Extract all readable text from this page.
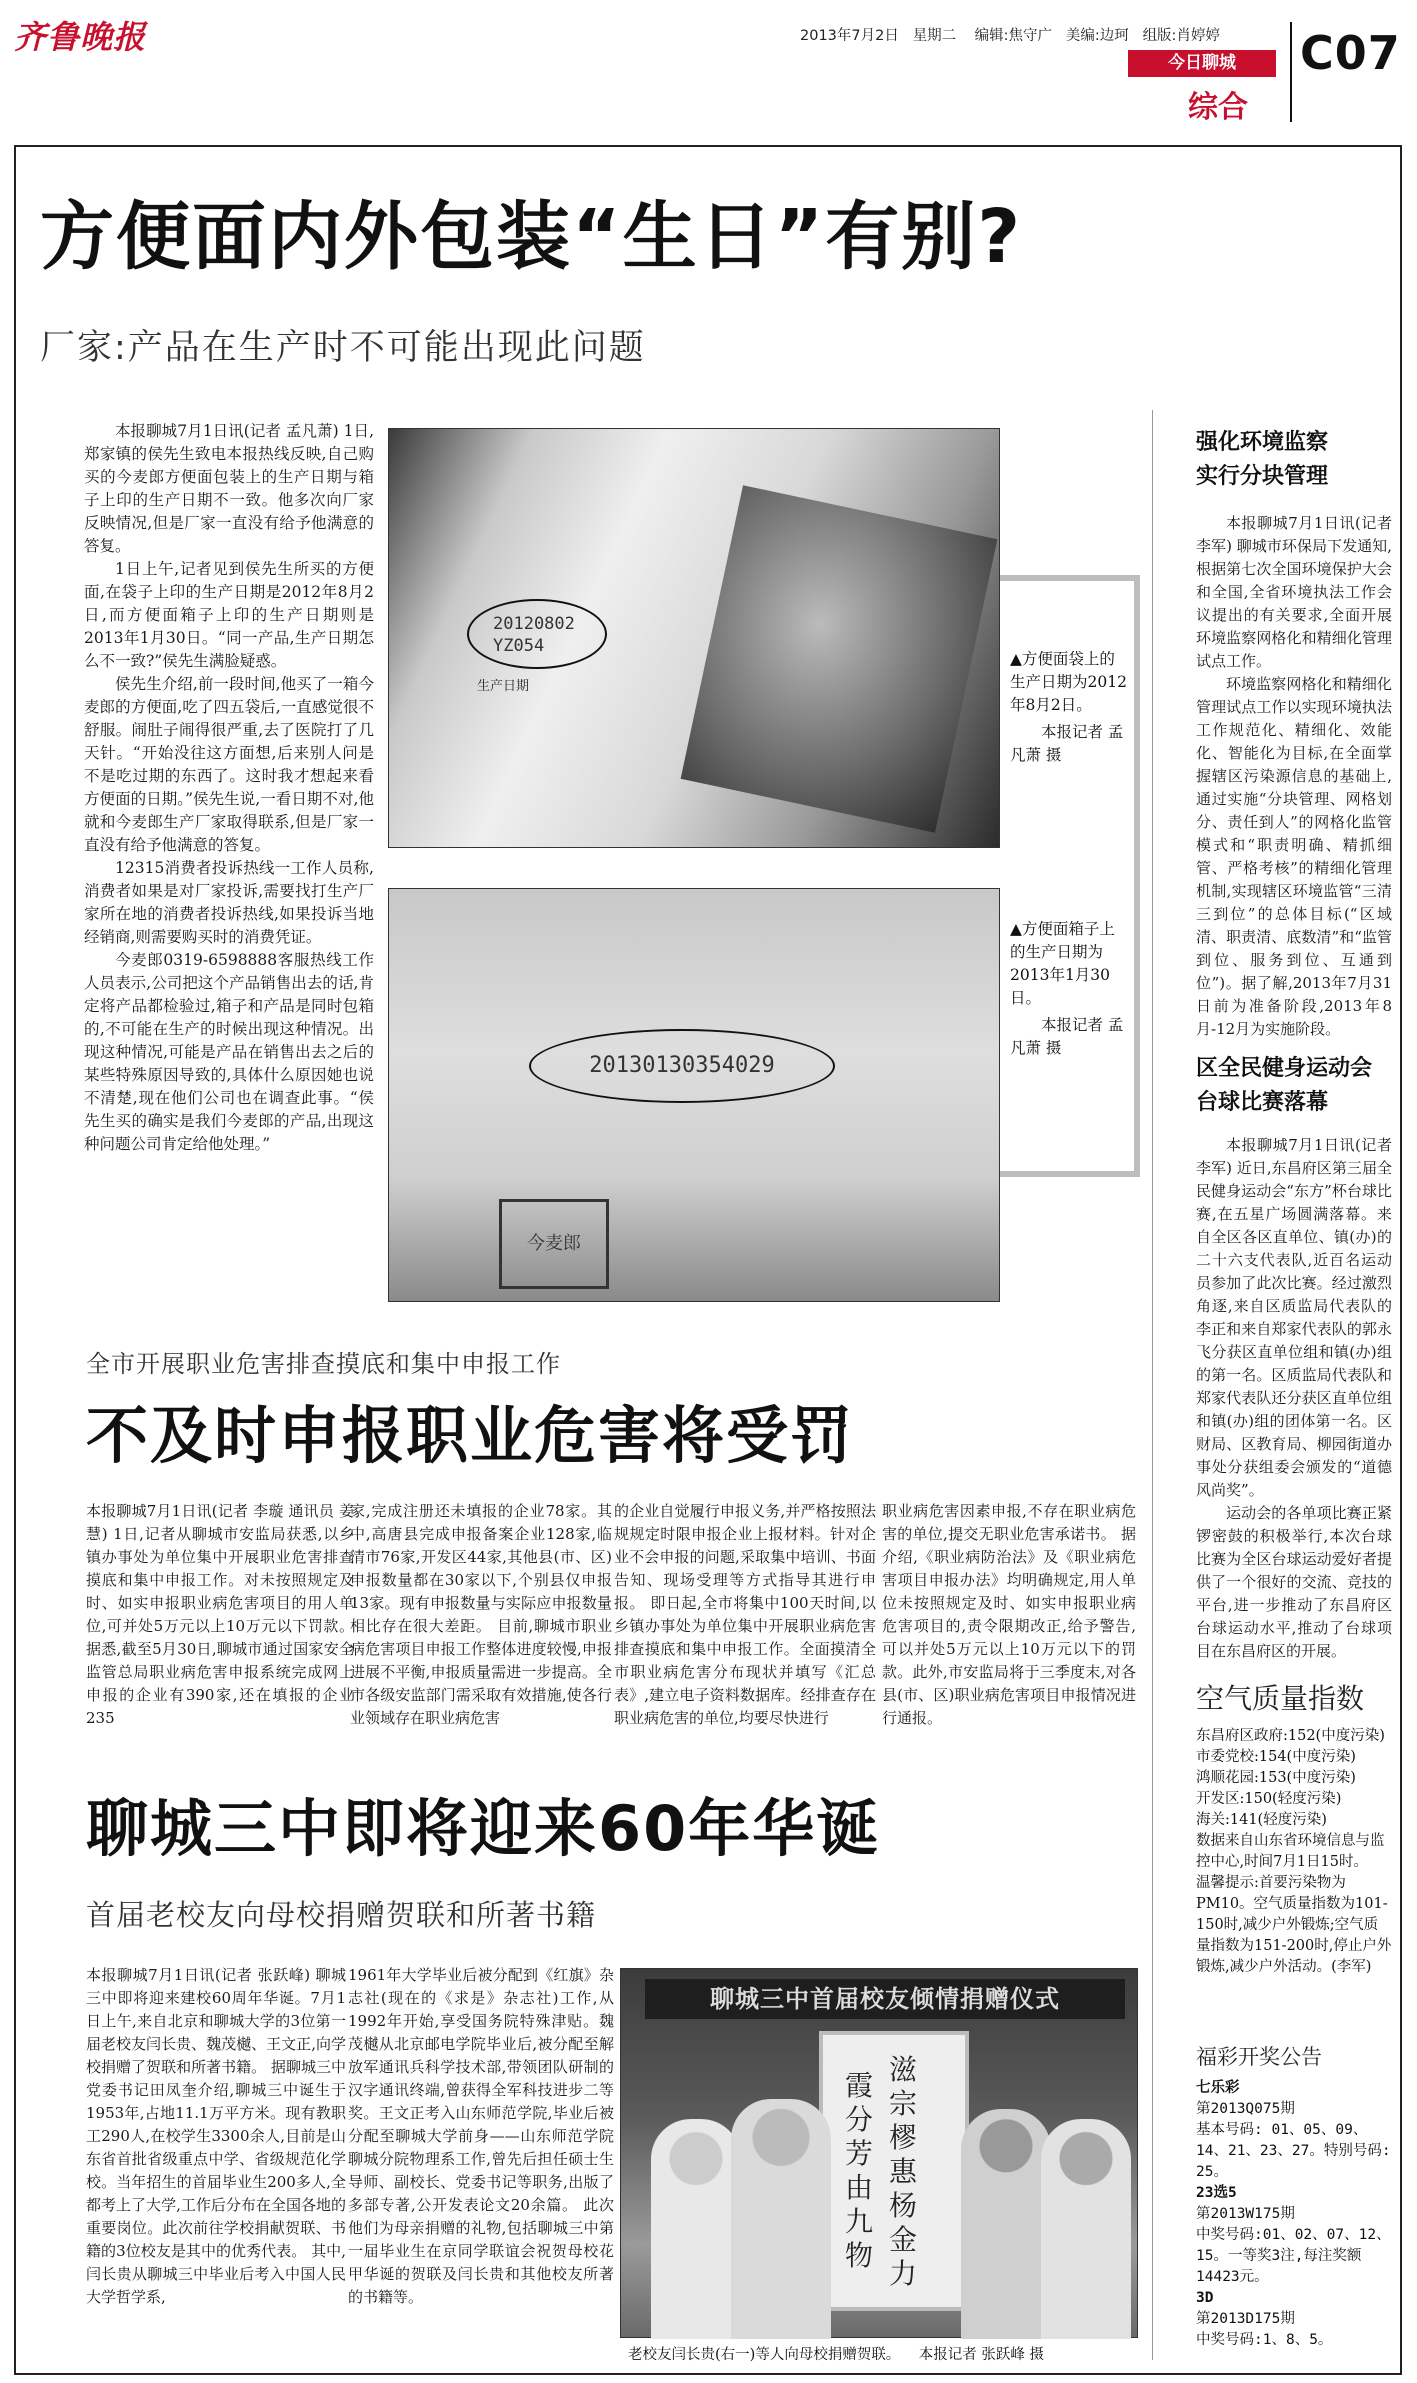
齐鲁晚报	2013年7月2日 星期二 编辑:焦守广 美编:边珂 组版:肖婷婷
今日聊城
综合
C07
方便面内外包装“生日”有别?
厂家:产品在生产时不可能出现此问题

本报聊城7月1日讯(记者 孟凡萧) 1日,郑家镇的侯先生致电本报热线反映,自己购买的今麦郎方便面包装上的生产日期与箱子上印的生产日期不一致。他多次向厂家反映情况,但是厂家一直没有给予他满意的答复。

1日上午,记者见到侯先生所买的方便面,在袋子上印的生产日期是2012年8月2日,而方便面箱子上印的生产日期则是2013年1月30日。“同一产品,生产日期怎么不一致?”侯先生满脸疑惑。

侯先生介绍,前一段时间,他买了一箱今麦郎的方便面,吃了四五袋后,一直感觉很不舒服。闹肚子闹得很严重,去了医院打了几天针。“开始没往这方面想,后来别人问是不是吃过期的东西了。这时我才想起来看方便面的日期。”侯先生说,一看日期不对,他就和今麦郎生产厂家取得联系,但是厂家一直没有给予他满意的答复。

12315消费者投诉热线一工作人员称,消费者如果是对厂家投诉,需要找打生产厂家所在地的消费者投诉热线,如果投诉当地经销商,则需要购买时的消费凭证。

今麦郎0319-6598888客服热线工作人员表示,公司把这个产品销售出去的话,肯定将产品都检验过,箱子和产品是同时包箱的,不可能在生产的时候出现这种情况。出现这种情况,可能是产品在销售出去之后的某些特殊原因导致的,具体什么原因她也说不清楚,现在他们公司也在调查此事。“侯先生买的确实是我们今麦郎的产品,出现这种问题公司肯定给他处理。”

20120802
YZ054
生产日期
▲方便面袋上的生产日期为2012年8月2日。
本报记者 孟凡萧 摄
20130130354029
今麦郎
▲方便面箱子上的生产日期为2013年1月30日。
本报记者 孟凡萧 摄
全市开展职业危害排查摸底和集中申报工作
不及时申报职业危害将受罚
本报聊城7月1日讯(记者 李璇 通讯员 姜慧) 1日,记者从聊城市安监局获悉,以乡镇办事处为单位集中开展职业危害排查摸底和集中申报工作。对未按照规定及时、如实申报职业病危害项目的用人单位,可并处5万元以上10万元以下罚款。 据悉,截至5月30日,聊城市通过国家安全监管总局职业病危害申报系统完成网上申报的企业有390家,还在填报的企业235
家,完成注册还未填报的企业78家。其中,高唐县完成申报备案企业128家,临清市76家,开发区44家,其他县(市、区)申报数量都在30家以下,个别县仅申报13家。现有申报数量与实际应申报数量相比存在很大差距。 目前,聊城市职业病危害项目申报工作整体进度较慢,申报进展不平衡,申报质量需进一步提高。全市各级安监部门需采取有效措施,使各行业领域存在职业病危害
的企业自觉履行申报义务,并严格按照法规规定时限申报企业上报材料。针对企业不会申报的问题,采取集中培训、书面告知、现场受理等方式指导其进行申报。 即日起,全市将集中100天时间,以乡镇办事处为单位集中开展职业病危害排查摸底和集中申报工作。全面摸清全市职业病危害分布现状并填写《汇总表》,建立电子资料数据库。经排查存在职业病危害的单位,均要尽快进行
职业病危害因素申报,不存在职业病危害的单位,提交无职业危害承诺书。 据介绍,《职业病防治法》及《职业病危害项目申报办法》均明确规定,用人单位未按照规定及时、如实申报职业病危害项目的,责令限期改正,给予警告,可以并处5万元以上10万元以下的罚款。此外,市安监局将于三季度末,对各县(市、区)职业病危害项目申报情况进行通报。
聊城三中即将迎来60年华诞
首届老校友向母校捐赠贺联和所著书籍
本报聊城7月1日讯(记者 张跃峰) 聊城三中即将迎来建校60周年华诞。7月1日上午,来自北京和聊城大学的3位第一届老校友闫长贵、魏茂樾、王文正,向学校捐赠了贺联和所著书籍。 据聊城三中党委书记田凤奎介绍,聊城三中诞生于1953年,占地11.1万平方米。现有教职工290人,在校学生3300余人,目前是山东省首批省级重点中学、省级规范化学校。当年招生的首届毕业生200多人,全都考上了大学,工作后分布在全国各地的重要岗位。此次前往学校捐献贺联、书籍的3位校友是其中的优秀代表。 其中,闫长贵从聊城三中毕业后考入中国人民大学哲学系,
1961年大学毕业后被分配到《红旗》杂志社(现在的《求是》杂志社)工作,从1992年开始,享受国务院特殊津贴。魏茂樾从北京邮电学院毕业后,被分配至解放军通讯兵科学技术部,带领团队研制的汉字通讯终端,曾获得全军科技进步二等奖。王文正考入山东师范学院,毕业后被分配至聊城大学前身——山东师范学院聊城分院物理系工作,曾先后担任硕士生导师、副校长、党委书记等职务,出版了多部专著,公开发表论文20余篇。 此次他们为母亲捐赠的礼物,包括聊城三中第一届毕业生在京同学联谊会祝贺母校花甲华诞的贺联及闫长贵和其他校友所著的书籍等。
聊城三中首届校友倾情捐赠仪式
滋宗樛惠杨金力
霞分芳由九物
老校友闫长贵(右一)等人向母校捐赠贺联。 本报记者 张跃峰 摄
强化环境监察
实行分块管理

本报聊城7月1日讯(记者 李军) 聊城市环保局下发通知,根据第七次全国环境保护大会和全国,全省环境执法工作会议提出的有关要求,全面开展环境监察网格化和精细化管理试点工作。

环境监察网格化和精细化管理试点工作以实现环境执法工作规范化、精细化、效能化、智能化为目标,在全面掌握辖区污染源信息的基础上,通过实施“分块管理、网格划分、责任到人”的网格化监管模式和“职责明确、精抓细管、严格考核”的精细化管理机制,实现辖区环境监管“三清三到位”的总体目标(“区域清、职责清、底数清”和“监管到位、服务到位、互通到位”)。据了解,2013年7月31日前为准备阶段,2013年8月-12月为实施阶段。

区全民健身运动会
台球比赛落幕

本报聊城7月1日讯(记者 李军) 近日,东昌府区第三届全民健身运动会“东方”杯台球比赛,在五星广场圆满落幕。来自全区各区直单位、镇(办)的二十六支代表队,近百名运动员参加了此次比赛。经过激烈角逐,来自区质监局代表队的李正和来自郑家代表队的郭永飞分获区直单位组和镇(办)组的第一名。区质监局代表队和郑家代表队还分获区直单位组和镇(办)组的团体第一名。区财局、区教育局、柳园街道办事处分获组委会颁发的“道德风尚奖”。

运动会的各单项比赛正紧锣密鼓的积极举行,本次台球比赛为全区台球运动爱好者提供了一个很好的交流、竞技的平台,进一步推动了东昌府区台球运动水平,推动了台球项目在东昌府区的开展。

空气质量指数
东昌府区政府:152(中度污染)
市委党校:154(中度污染)
鸿顺花园:153(中度污染)
开发区:150(轻度污染)
海关:141(轻度污染)
数据来自山东省环境信息与监控中心,时间7月1日15时。
温馨提示:首要污染物为PM10。空气质量指数为101-150时,减少户外锻炼;空气质量指数为151-200时,停止户外锻炼,减少户外活动。(李军)
福彩开奖公告
七乐彩
第2013Q075期
基本号码: 01、05、09、14、21、23、27。特别号码: 25。
23选5
第2013W175期
中奖号码:01、02、07、12、15。一等奖3注,每注奖额14423元。
3D
第2013D175期
中奖号码:1、8、5。
